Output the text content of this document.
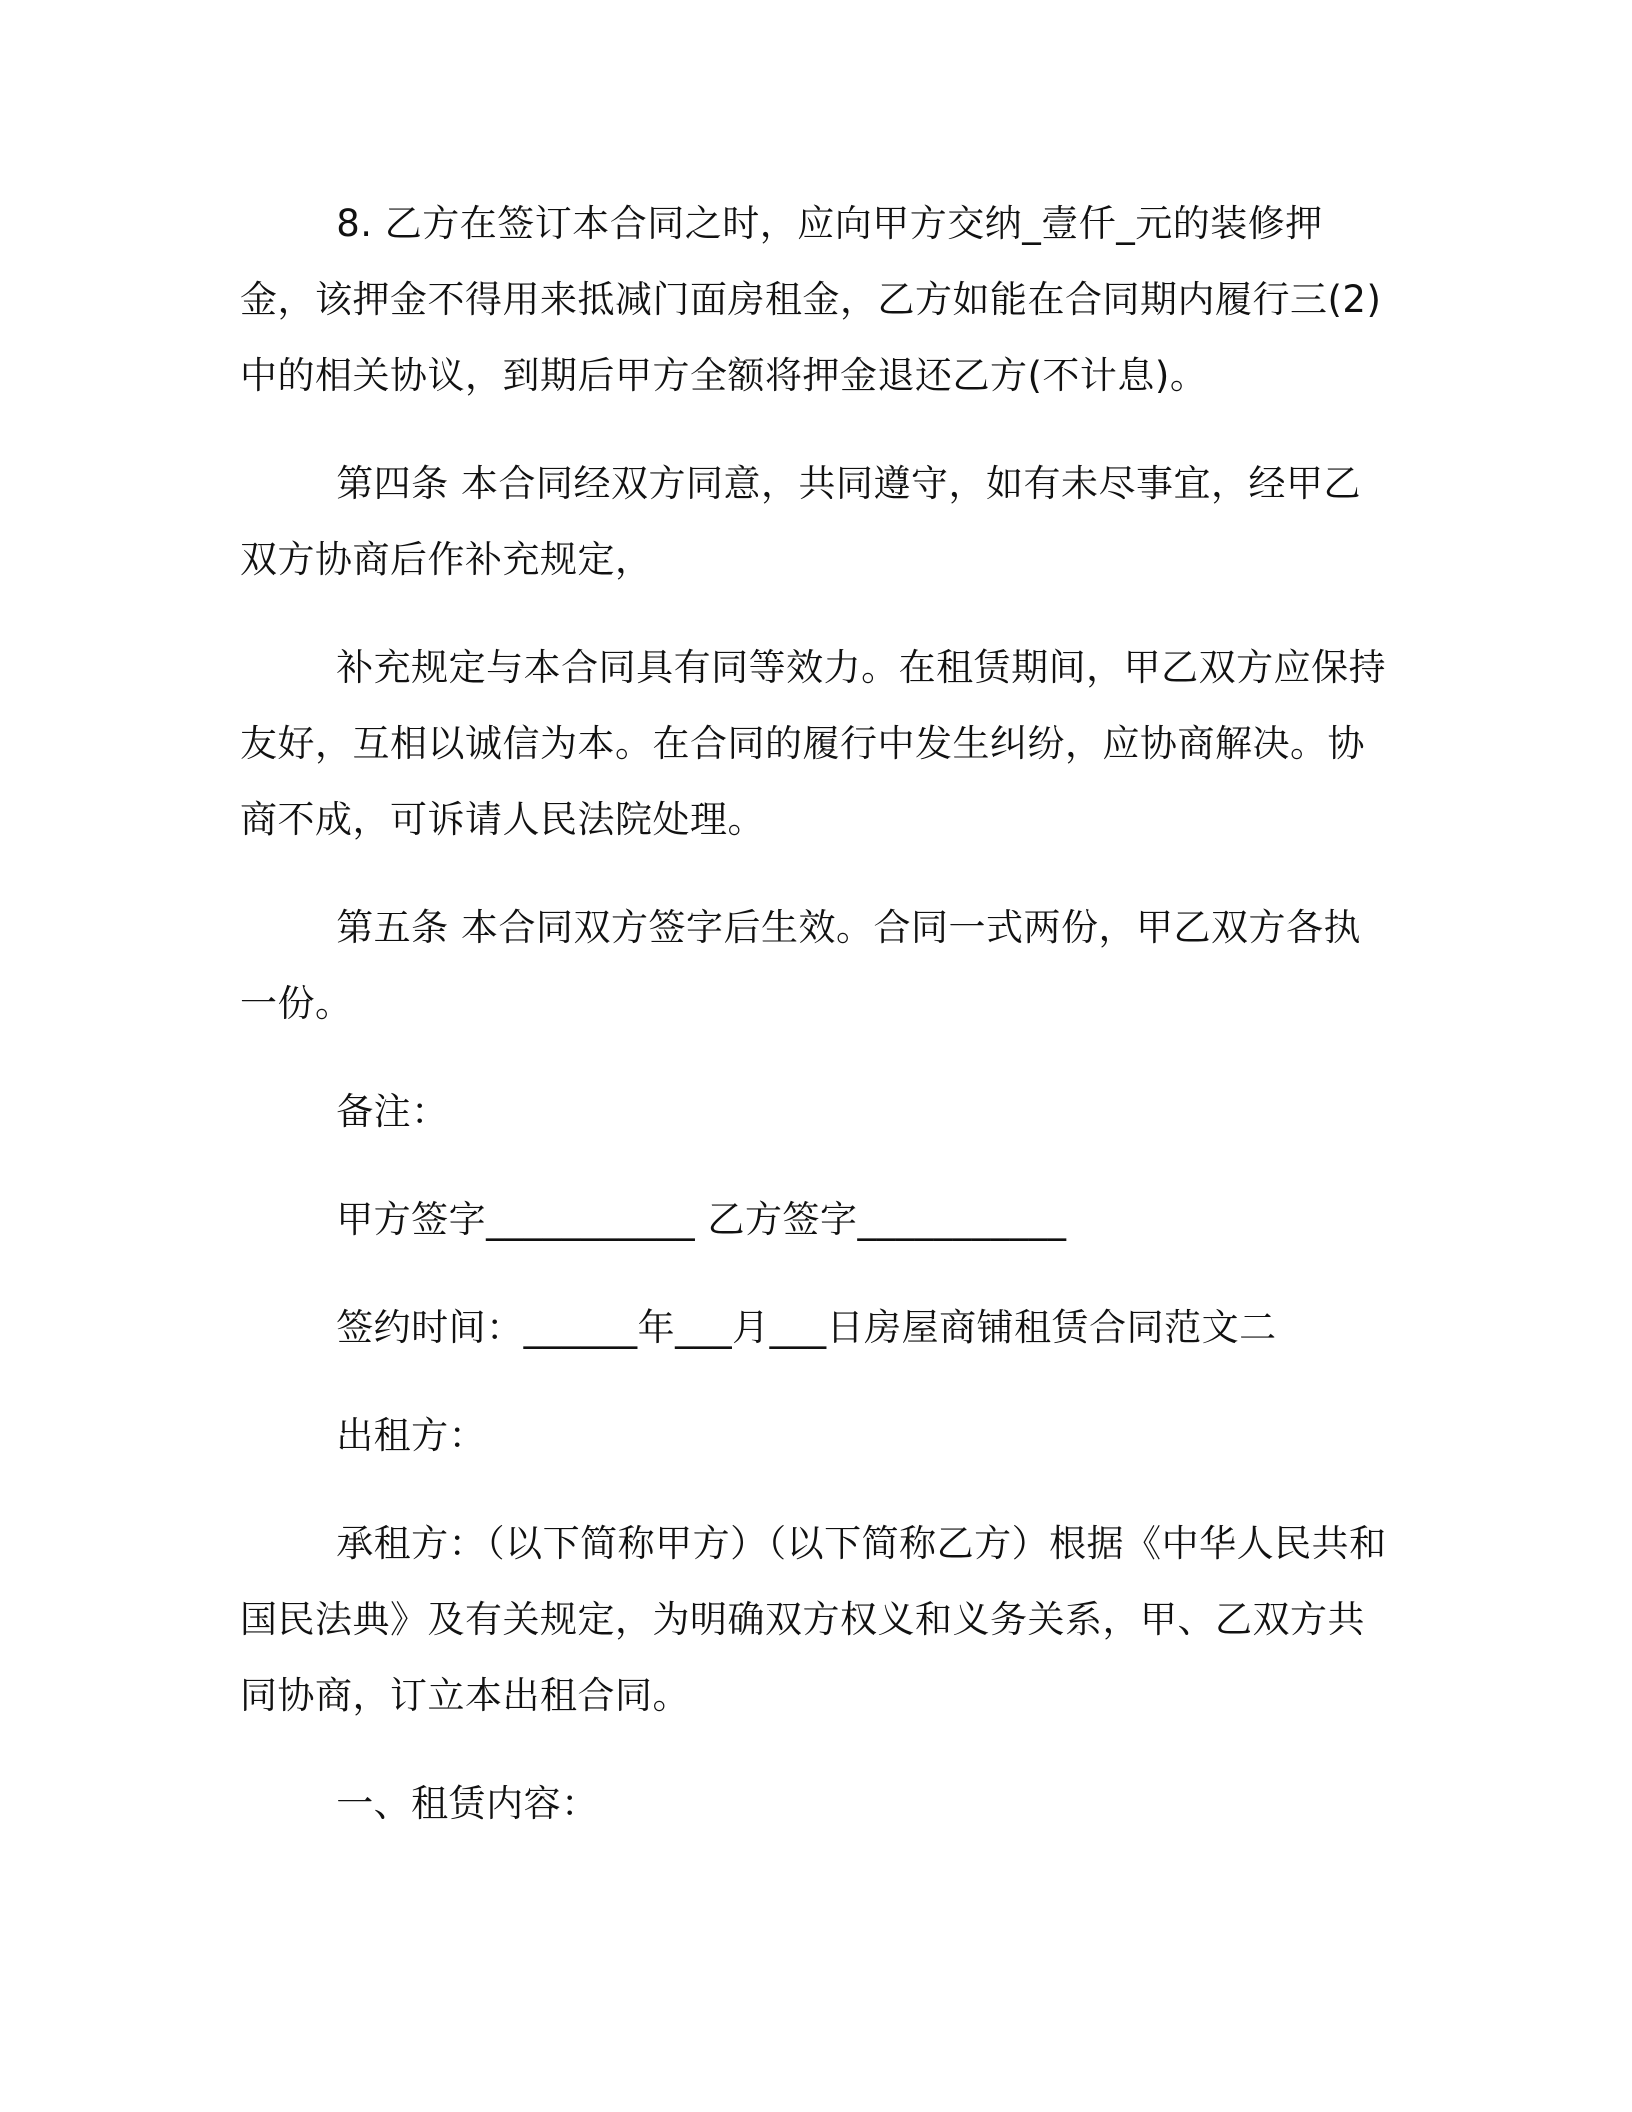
8. 乙方在签订本合同之时，应向甲方交纳_壹仟_元的装修押金，该押金不得用来抵减门面房租金，乙方如能在合同期内履行三(2)中的相关协议，到期后甲方全额将押金退还乙方(不计息)。

第四条 本合同经双方同意，共同遵守，如有未尽事宜，经甲乙双方协商后作补充规定，

补充规定与本合同具有同等效力。在租赁期间，甲乙双方应保持友好，互相以诚信为本。在合同的履行中发生纠纷，应协商解决。协商不成，可诉请人民法院处理。

第五条 本合同双方签字后生效。合同一式两份，甲乙双方各执一份。

备注：

甲方签字___________ 乙方签字___________

签约时间：______年___月___日房屋商铺租赁合同范文二

出租方：

承租方：（以下简称甲方）（以下简称乙方）根据《中华人民共和国民法典》及有关规定，为明确双方权义和义务关系，甲、乙双方共同协商，订立本出租合同。

一、租赁内容：
